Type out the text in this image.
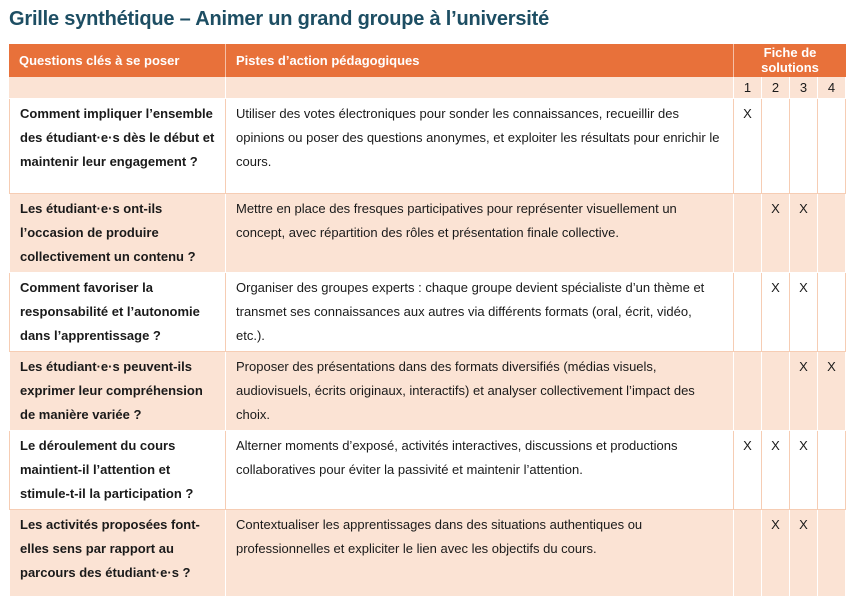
Grille synthétique – Animer un grand groupe à l’université
Questions clés à se poser	Pistes d’action pédagogiques	Fiche de solutions			
		1	2	3	4
Comment impliquer l’ensemble des étudiant·e·s dès le début et maintenir leur engagement ?	Utiliser des votes électroniques pour sonder les connaissances, recueillir des opinions ou poser des questions anonymes, et exploiter les résultats pour enrichir le cours.	X			
Les étudiant·e·s ont-ils l’occasion de produire collectivement un contenu ?	Mettre en place des fresques participatives pour représenter visuellement un concept, avec répartition des rôles et présentation finale collective.		X	X	
Comment favoriser la responsabilité et l’autonomie dans l’apprentissage ?	Organiser des groupes experts : chaque groupe devient spécialiste d’un thème et transmet ses connaissances aux autres via différents formats (oral, écrit, vidéo, etc.).		X	X	
Les étudiant·e·s peuvent-ils exprimer leur compréhension de manière variée ?	Proposer des présentations dans des formats diversifiés (médias visuels, audiovisuels, écrits originaux, interactifs) et analyser collectivement l’impact des choix.			X	X
Le déroulement du cours maintient-il l’attention et stimule-t-il la participation ?	Alterner moments d’exposé, activités interactives, discussions et productions collaboratives pour éviter la passivité et maintenir l’attention.	X	X	X	
Les activités proposées font-elles sens par rapport au parcours des étudiant·e·s ?	Contextualiser les apprentissages dans des situations authentiques ou professionnelles et expliciter le lien avec les objectifs du cours.		X	X	
